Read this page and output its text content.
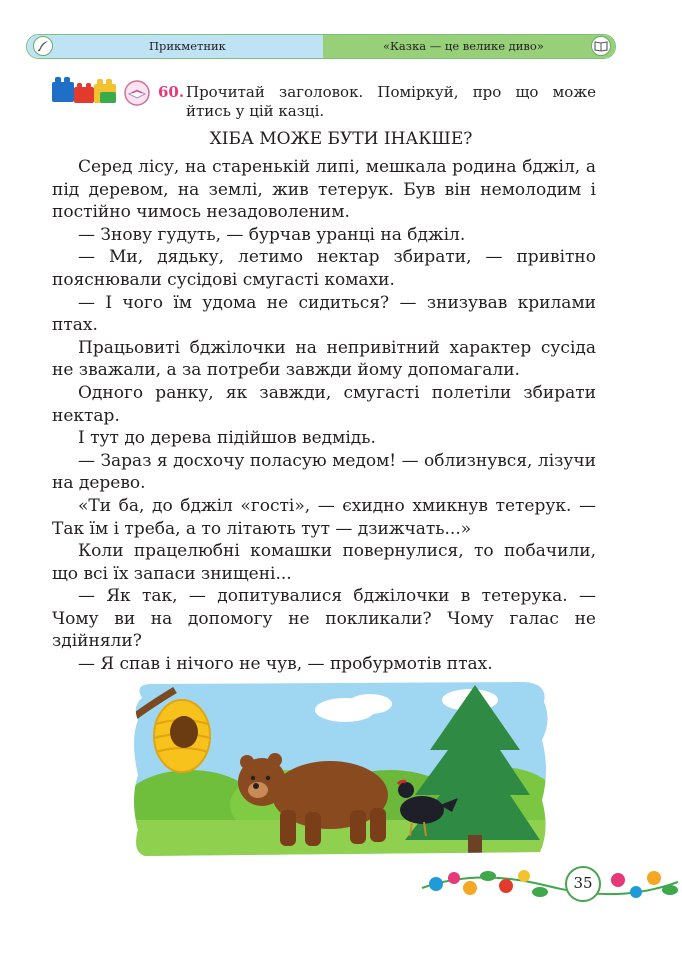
Прикметник	«Казка — це велике диво»
60. Прочитай заголовок. Поміркуй, про що може йтись у цій казці.
ХІБА МОЖЕ БУТИ ІНАКШЕ?

Серед лісу, на старенькій липі, мешкала родина бджіл, а під деревом, на землі, жив тетерук. Був він немолодим і постійно чимось незадоволеним.

— Знову гудуть, — бурчав уранці на бджіл.

— Ми, дядьку, летимо нектар збирати, — привітно пояснювали сусідові смугасті комахи.

— І чого їм удома не сидиться? — знизував крилами птах.

Працьовиті бджілочки на непривітний характер сусіда не зважали, а за потреби завжди йому допомагали.

Одного ранку, як завжди, смугасті полетіли збирати нектар.

І тут до дерева підійшов ведмідь.

— Зараз я досхочу поласую медом! — облизнувся, лізучи на дерево.

«Ти ба, до бджіл «гості», — єхидно хмикнув тетерук. — Так їм і треба, а то літають тут — дзижчать...»

Коли працелюбні комашки повернулися, то побачили, що всі їх запаси знищені...

— Як так, — допитувалися бджілочки в тетерука. — Чому ви на допомогу не покликали? Чому галас не здійняли?

— Я спав і нічого не чув, — пробурмотів птах.

35
